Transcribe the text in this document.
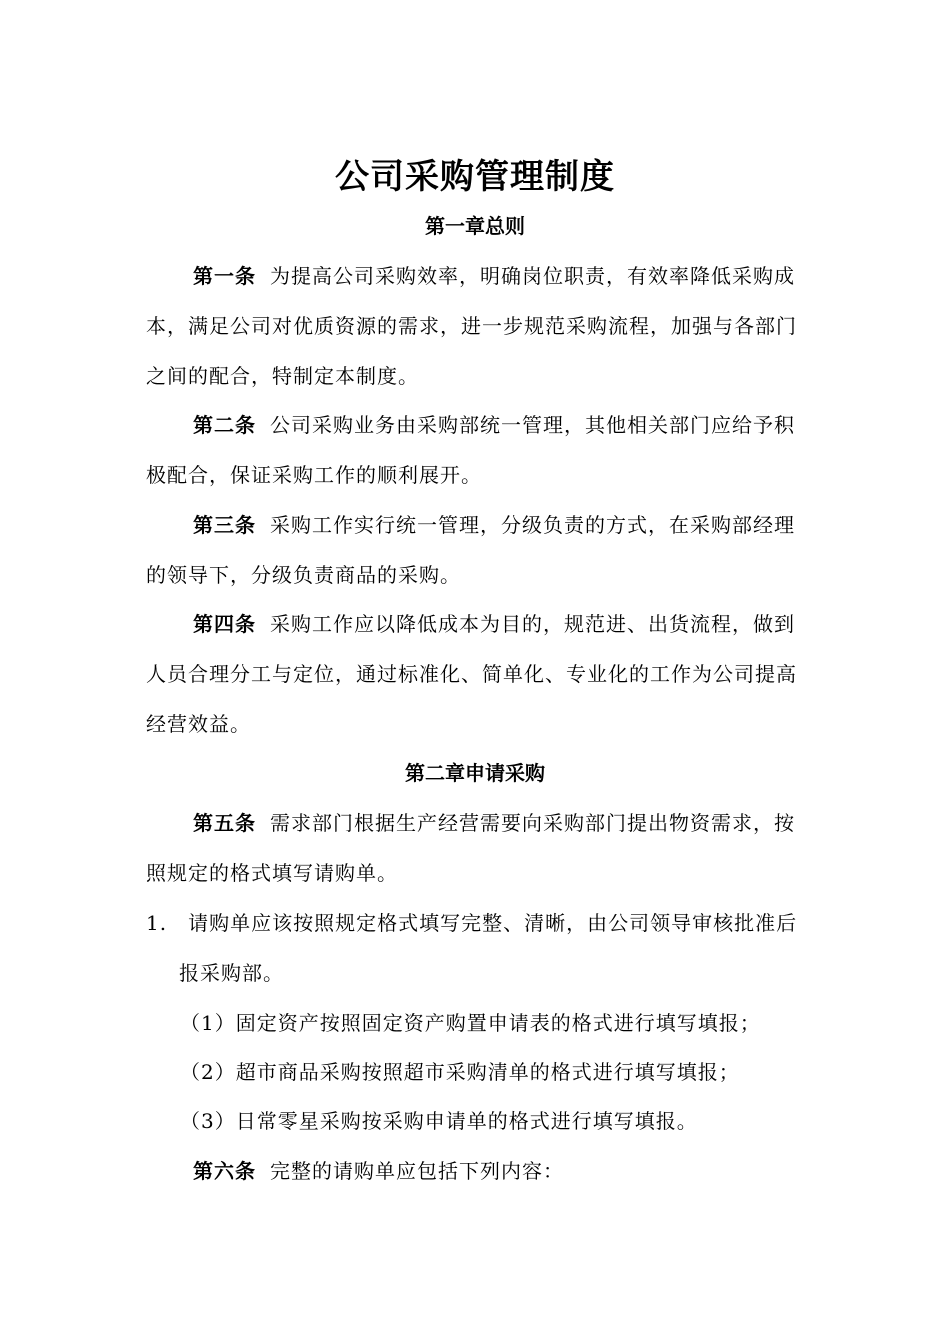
公司采购管理制度
第一章总则
第一条 为提高公司采购效率，明确岗位职责，有效率降低采购成本，满足公司对优质资源的需求，进一步规范采购流程，加强与各部门之间的配合，特制定本制度。
第二条 公司采购业务由采购部统一管理，其他相关部门应给予积极配合，保证采购工作的顺利展开。
第三条 采购工作实行统一管理，分级负责的方式，在采购部经理的领导下，分级负责商品的采购。
第四条 采购工作应以降低成本为目的，规范进、出货流程，做到人员合理分工与定位，通过标准化、简单化、专业化的工作为公司提高经营效益。
第二章申请采购
第五条 需求部门根据生产经营需要向采购部门提出物资需求，按照规定的格式填写请购单。
1.　请购单应该按照规定格式填写完整、清晰，由公司领导审核批准后报采购部。
（1）固定资产按照固定资产购置申请表的格式进行填写填报；
（2）超市商品采购按照超市采购清单的格式进行填写填报；
（3）日常零星采购按采购申请单的格式进行填写填报。
第六条 完整的请购单应包括下列内容：
